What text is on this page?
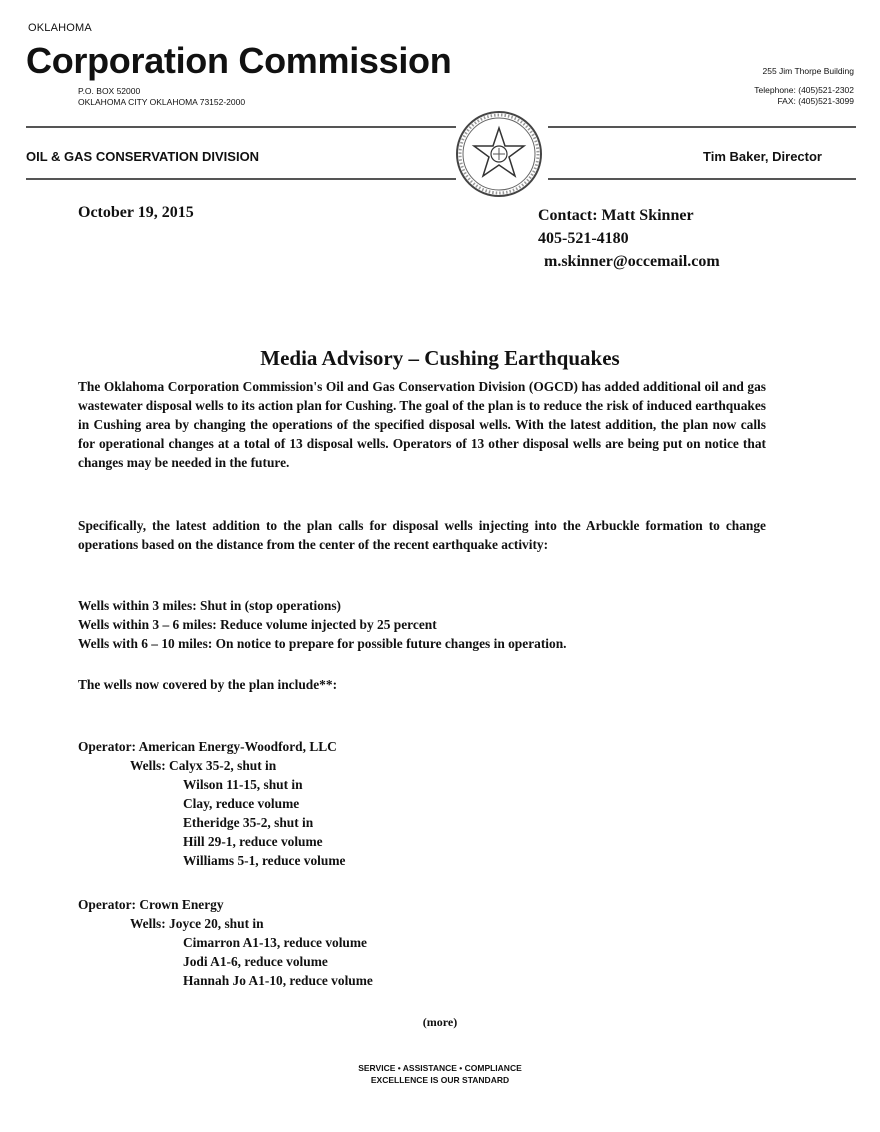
OKLAHOMA
Corporation Commission
P.O. BOX 52000
OKLAHOMA CITY OKLAHOMA 73152-2000
255 Jim Thorpe Building
Telephone: (405)521-2302
FAX: (405)521-3099
OIL & GAS CONSERVATION DIVISION	Tim Baker, Director
October 19, 2015	Contact: Matt Skinner
405-521-4180
m.skinner@occemail.com
Media Advisory – Cushing Earthquakes

The Oklahoma Corporation Commission's Oil and Gas Conservation Division (OGCD) has added additional oil and gas wastewater disposal wells to its action plan for Cushing. The goal of the plan is to reduce the risk of induced earthquakes in Cushing area by changing the operations of the specified disposal wells. With the latest addition, the plan now calls for operational changes at a total of 13 disposal wells. Operators of 13 other disposal wells are being put on notice that changes may be needed in the future.

Specifically, the latest addition to the plan calls for disposal wells injecting into the Arbuckle formation to change operations based on the distance from the center of the recent earthquake activity:

Wells within 3 miles: Shut in (stop operations)
Wells within 3 – 6 miles: Reduce volume injected by 25 percent
Wells with 6 – 10 miles: On notice to prepare for possible future changes in operation.
The wells now covered by the plan include**:
Operator: American Energy-Woodford, LLC
Wells: Calyx 35-2, shut in
Wilson 11-15, shut in
Clay, reduce volume
Etheridge 35-2, shut in
Hill 29-1, reduce volume
Williams 5-1, reduce volume
Operator: Crown Energy
Wells: Joyce 20, shut in
Cimarron A1-13, reduce volume
Jodi A1-6, reduce volume
Hannah Jo A1-10, reduce volume
(more)
SERVICE • ASSISTANCE • COMPLIANCE
EXCELLENCE IS OUR STANDARD
